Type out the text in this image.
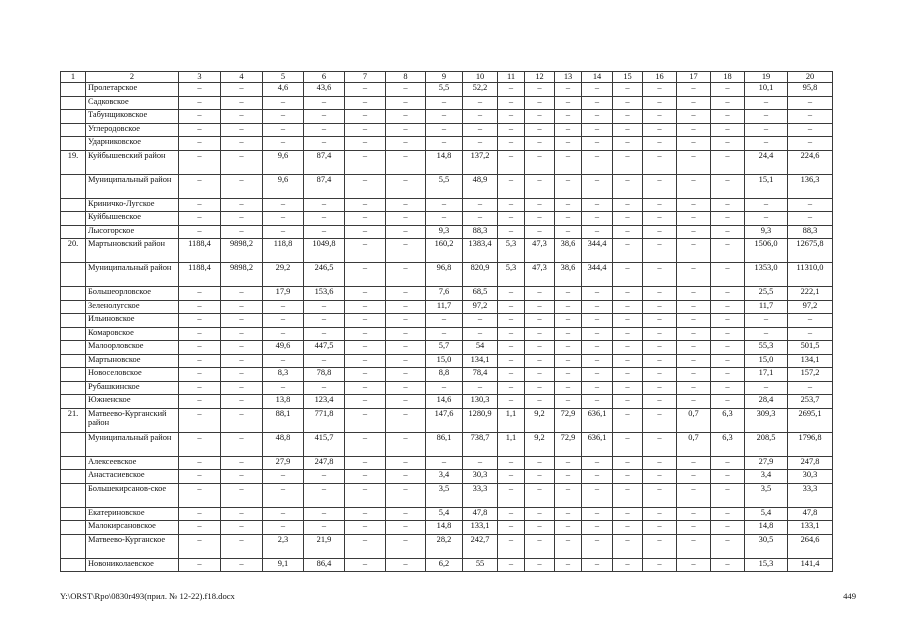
1	2	3	4	5	6	7	8	9	10	11	12	13	14	15	16	17	18	19	20
	Пролетарское	–	–	4,6	43,6	–	–	5,5	52,2	–	–	–	–	–	–	–	–	10,1	95,8
	Садковское	–	–	–	–	–	–	–	–	–	–	–	–	–	–	–	–	–	–
	Табунщиковское	–	–	–	–	–	–	–	–	–	–	–	–	–	–	–	–	–	–
	Углеродовское	–	–	–	–	–	–	–	–	–	–	–	–	–	–	–	–	–	–
	Ударниковское	–	–	–	–	–	–	–	–	–	–	–	–	–	–	–	–	–	–
19.	Куйбышевский район	–	–	9,6	87,4	–	–	14,8	137,2	–	–	–	–	–	–	–	–	24,4	224,6
	Муниципальный район	–	–	9,6	87,4	–	–	5,5	48,9	–	–	–	–	–	–	–	–	15,1	136,3
	Криничко-Лугское	–	–	–	–	–	–	–	–	–	–	–	–	–	–	–	–	–	–
	Куйбышевское	–	–	–	–	–	–	–	–	–	–	–	–	–	–	–	–	–	–
	Лысогорское	–	–	–	–	–	–	9,3	88,3	–	–	–	–	–	–	–	–	9,3	88,3
20.	Мартыновский район	1188,4	9898,2	118,8	1049,8	–	–	160,2	1383,4	5,3	47,3	38,6	344,4	–	–	–	–	1506,0	12675,8
	Муниципальный район	1188,4	9898,2	29,2	246,5	–	–	96,8	820,9	5,3	47,3	38,6	344,4	–	–	–	–	1353,0	11310,0
	Большеорловское	–	–	17,9	153,6	–	–	7,6	68,5	–	–	–	–	–	–	–	–	25,5	222,1
	Зеленолугское	–	–	–	–	–	–	11,7	97,2	–	–	–	–	–	–	–	–	11,7	97,2
	Ильиновское	–	–	–	–	–	–	–	–	–	–	–	–	–	–	–	–	–	–
	Комаровское	–	–	–	–	–	–	–	–	–	–	–	–	–	–	–	–	–	–
	Малоорловское	–	–	49,6	447,5	–	–	5,7	54	–	–	–	–	–	–	–	–	55,3	501,5
	Мартыновское	–	–	–	–	–	–	15,0	134,1	–	–	–	–	–	–	–	–	15,0	134,1
	Новоселовское	–	–	8,3	78,8	–	–	8,8	78,4	–	–	–	–	–	–	–	–	17,1	157,2
	Рубашкинское	–	–	–	–	–	–	–	–	–	–	–	–	–	–	–	–	–	–
	Южненское	–	–	13,8	123,4	–	–	14,6	130,3	–	–	–	–	–	–	–	–	28,4	253,7
21.	Матвеево-Курганский район	–	–	88,1	771,8	–	–	147,6	1280,9	1,1	9,2	72,9	636,1	–	–	0,7	6,3	309,3	2695,1
	Муниципальный район	–	–	48,8	415,7	–	–	86,1	738,7	1,1	9,2	72,9	636,1	–	–	0,7	6,3	208,5	1796,8
	Алексеевское	–	–	27,9	247,8	–	–	–	–	–	–	–	–	–	–	–	–	27,9	247,8
	Анастасиевское	–	–	–	–	–	–	3,4	30,3	–	–	–	–	–	–	–	–	3,4	30,3
	Большекирсанов-ское	–	–	–	–	–	–	3,5	33,3	–	–	–	–	–	–	–	–	3,5	33,3
	Екатериновское	–	–	–	–	–	–	5,4	47,8	–	–	–	–	–	–	–	–	5,4	47,8
	Малокирсановское	–	–	–	–	–	–	14,8	133,1	–	–	–	–	–	–	–	–	14,8	133,1
	Матвеево-Курганское	–	–	2,3	21,9	–	–	28,2	242,7	–	–	–	–	–	–	–	–	30,5	264,6
	Новониколаевское	–	–	9,1	86,4	–	–	6,2	55	–	–	–	–	–	–	–	–	15,3	141,4
Y:\ORST\Rpo\0830r493(прил. № 12-22).f18.docx	449
